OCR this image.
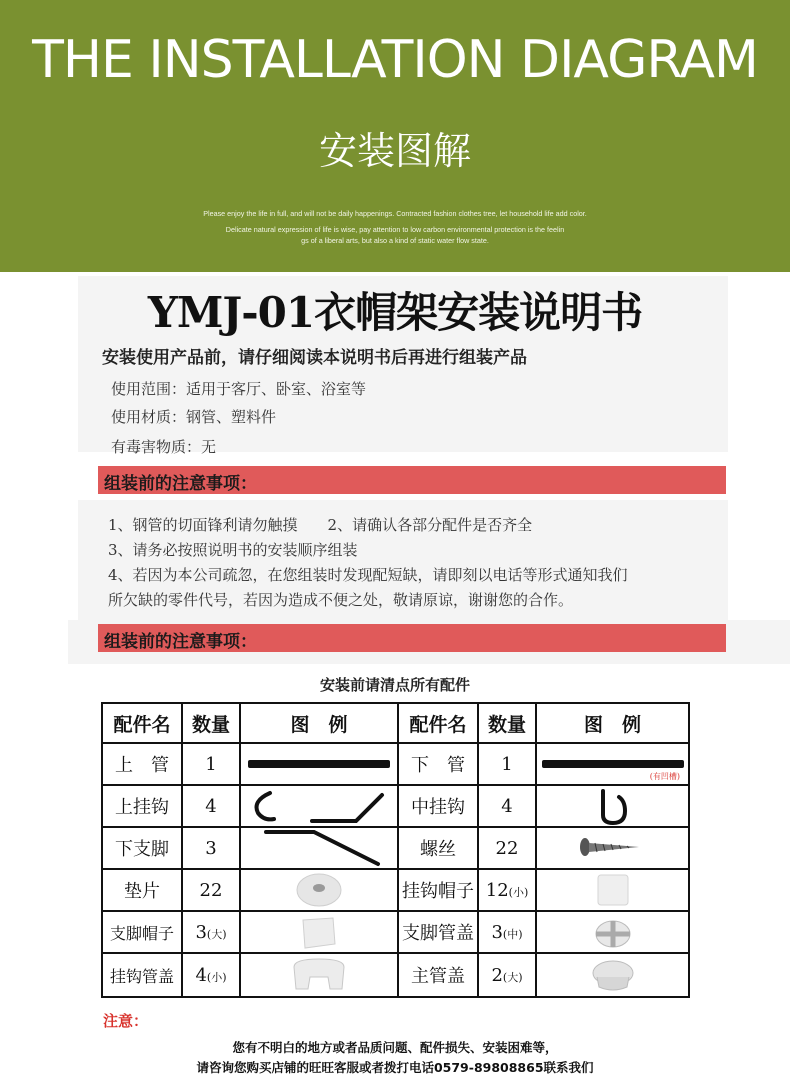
THE INSTALLATION DIAGRAM
安装图解
Please enjoy the life in full, and will not be daily happenings. Contracted fashion clothes tree, let household life add color.
Delicate natural expression of life is wise, pay attention to low carbon environmental protection is the feelin
gs of a liberal arts, but also a kind of static water flow state.
YMJ-01衣帽架安装说明书
安装使用产品前，请仔细阅读本说明书后再进行组装产品
使用范围：适用于客厅、卧室、浴室等
使用材质：钢管、塑料件
有毒害物质：无
组装前的注意事项：
1、钢管的切面锋利请勿触摸　　2、请确认各部分配件是否齐全
3、请务必按照说明书的安装顺序组装
4、若因为本公司疏忽，在您组装时发现配短缺，请即刻以电话等形式通知我们
所欠缺的零件代号，若因为造成不便之处，敬请原谅，谢谢您的合作。
组装前的注意事项：
安装前请清点所有配件
配件名	数量	图　例	配件名	数量	图　例
上　管	1		下　管	1	(有凹槽)

上挂钩	4		中挂钩	4	

下支脚	3		螺丝	22	

垫片	22		挂钩帽子	12(小)	

支脚帽子	3(大)		支脚管盖	3(中)	

挂钩管盖	4(小)		主管盖	2(大)	
注意：
您有不明白的地方或者品质问题、配件损失、安装困难等，
请咨询您购买店铺的旺旺客服或者拨打电话0579-89808865联系我们
